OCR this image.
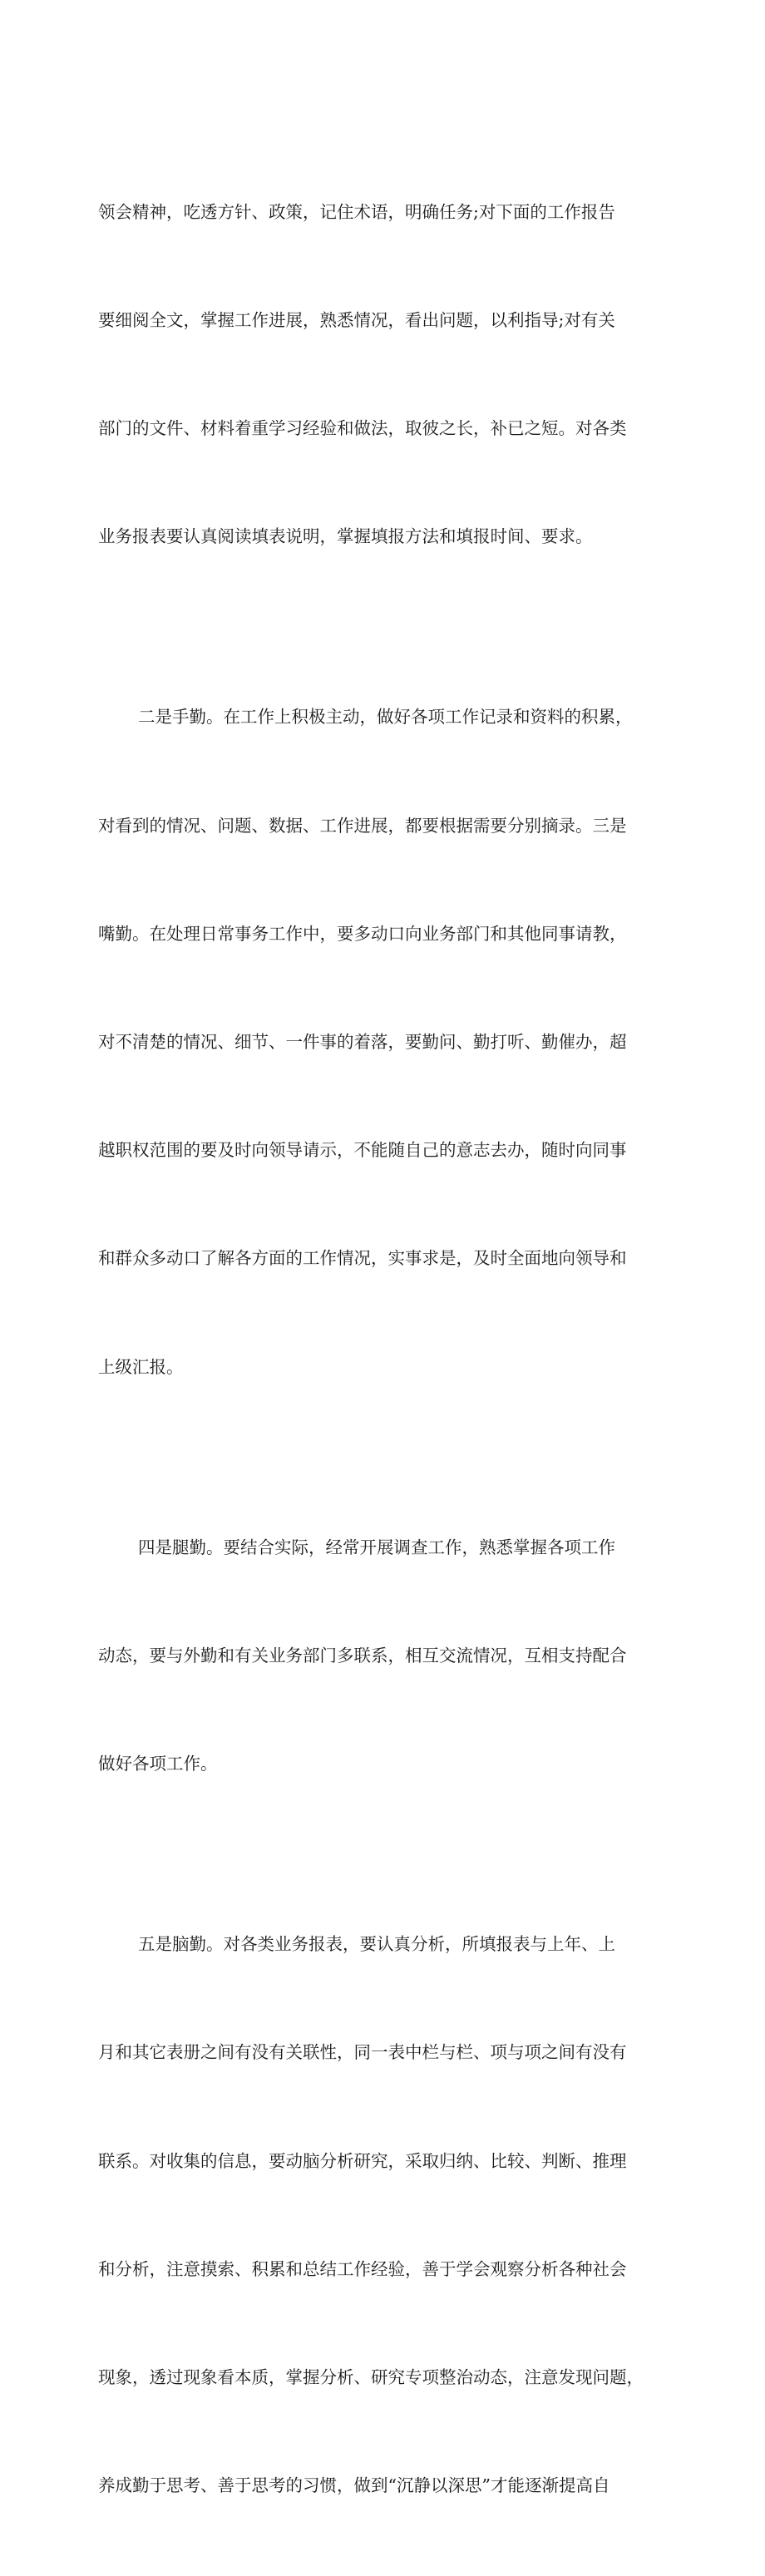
领会精神，吃透方针、政策，记住术语，明确任务;对下面的工作报告

要细阅全文，掌握工作进展，熟悉情况，看出问题，以利指导;对有关

部门的文件、材料着重学习经验和做法，取彼之长，补已之短。对各类

业务报表要认真阅读填表说明，掌握填报方法和填报时间、要求。

二是手勤。在工作上积极主动，做好各项工作记录和资料的积累，

对看到的情况、问题、数据、工作进展，都要根据需要分别摘录。三是

嘴勤。在处理日常事务工作中，要多动口向业务部门和其他同事请教，

对不清楚的情况、细节、一件事的着落，要勤问、勤打听、勤催办，超

越职权范围的要及时向领导请示，不能随自己的意志去办，随时向同事

和群众多动口了解各方面的工作情况，实事求是，及时全面地向领导和

上级汇报。

四是腿勤。要结合实际，经常开展调查工作，熟悉掌握各项工作

动态，要与外勤和有关业务部门多联系，相互交流情况，互相支持配合

做好各项工作。

五是脑勤。对各类业务报表，要认真分析，所填报表与上年、上

月和其它表册之间有没有关联性，同一表中栏与栏、项与项之间有没有

联系。对收集的信息，要动脑分析研究，采取归纳、比较、判断、推理

和分析，注意摸索、积累和总结工作经验，善于学会观察分析各种社会

现象，透过现象看本质，掌握分析、研究专项整治动态，注意发现问题，

养成勤于思考、善于思考的习惯，做到“沉静以深思”才能逐渐提高自
